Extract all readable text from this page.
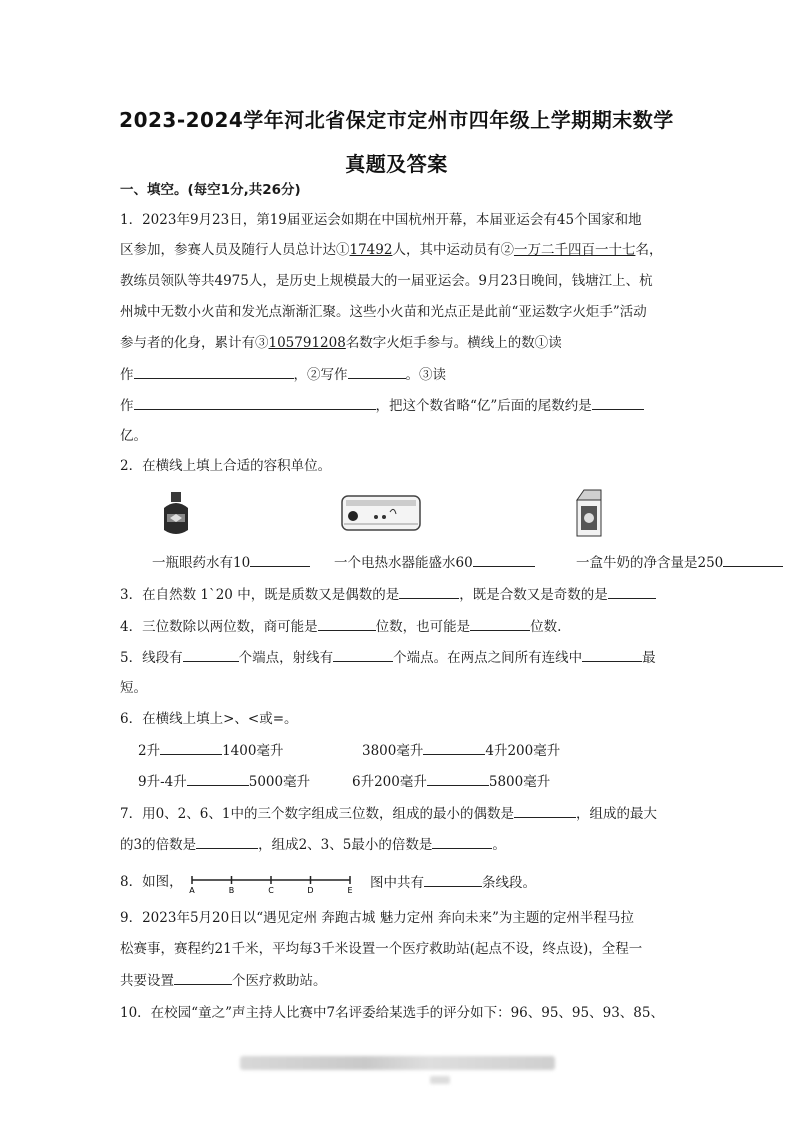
2023-2024学年河北省保定市定州市四年级上学期期末数学
真题及答案
一、填空。(每空1分,共26分)
1．2023年9月23日，第19届亚运会如期在中国杭州开幕，本届亚运会有45个国家和地
区参加，参赛人员及随行人员总计达①17492人，其中运动员有②一万二千四百一十七名，
教练员领队等共4975人，是历史上规模最大的一届亚运会。9月23日晚间，钱塘江上、杭
州城中无数小火苗和发光点渐渐汇聚。这些小火苗和光点正是此前“亚运数字火炬手”活动
参与者的化身，累计有③105791208名数字火炬手参与。横线上的数①读
作	，②写作	。③读
作	，把这个数省略“亿”后面的尾数约是
亿。
2．在横线上填上合适的容积单位。
一瓶眼药水有10	一个电热水器能盛水60	一盒牛奶的净含量是250
3．在自然数 1`20 中，既是质数又是偶数的是	，既是合数又是奇数的是
4．三位数除以两位数，商可能是	位数，也可能是	位数.
5．线段有	个端点，射线有	个端点。在两点之间所有连线中	最
短。
6．在横线上填上>、<或=。
2升	1400毫升	3800毫升	4升200毫升
9升-4升	5000毫升	6升200毫升	5800毫升
7．用0、2、6、1中的三个数字组成三位数，组成的最小的偶数是	，组成的最大
的3的倍数是	，组成2、3、5最小的倍数是	。
8．如图，
A	B	C	D	E 图中共有	条线段。
9．2023年5月20日以“遇见定州 奔跑古城 魅力定州 奔向未来”为主题的定州半程马拉
松赛事，赛程约21千米，平均每3千米设置一个医疗救助站(起点不设，终点设)，全程一
共要设置	个医疗救助站。
10．在校园“童之”声主持人比赛中7名评委给某选手的评分如下：96、95、95、93、85、
